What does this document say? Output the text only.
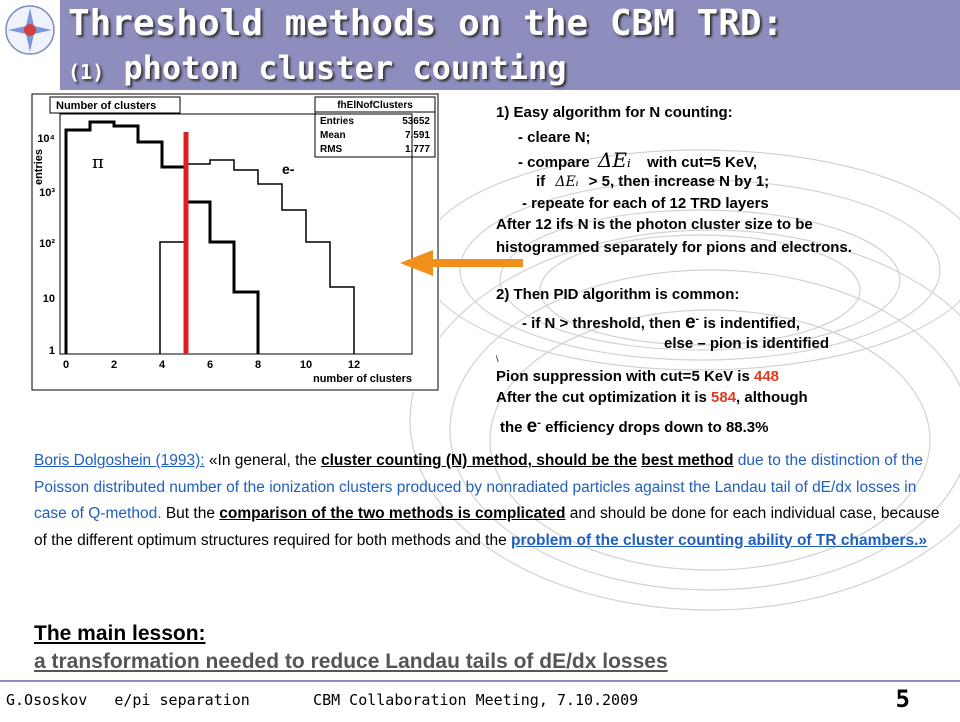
Threshold methods on the CBM TRD:
(1) photon cluster counting
Number of clusters	fhElNofClusters
Entries	53652
Mean	7.591
RMS	1.777
entries
1
10
10²
10³
10⁴
0	2	4	6	8	10	12
number of clusters
π	e-
1) Easy algorithm for N counting:
- cleare N;
- compare ΔEᵢ with cut=5 KeV,
if ΔEᵢ > 5, then increase N by 1;
- repeate for each of 12 TRD layers
After 12 ifs N is the photon cluster size to be
histogrammed separately for pions and electrons.
2) Then PID algorithm is common:
- if N > threshold, then e- is indentified,
else – pion is identified
\
Pion suppression with cut=5 KeV is 448
After the cut optimization it is 584, although
the e- efficiency drops down to 88.3%
Boris Dolgoshein (1993): «In general, the cluster counting (N) method, should be the best method due to the distinction of the Poisson distributed number of the ionization clusters produced by nonradiated particles against the Landau tail of dE/dx losses in case of Q-method. But the comparison of the two methods is complicated and should be done for each individual case, because of the different optimum structures required for both methods and the problem of the cluster counting ability of TR chambers.»
The main lesson:
a transformation needed to reduce Landau tails of dE/dx losses
G.Ososkov   e/pi separation       CBM Collaboration Meeting, 7.10.2009	5
